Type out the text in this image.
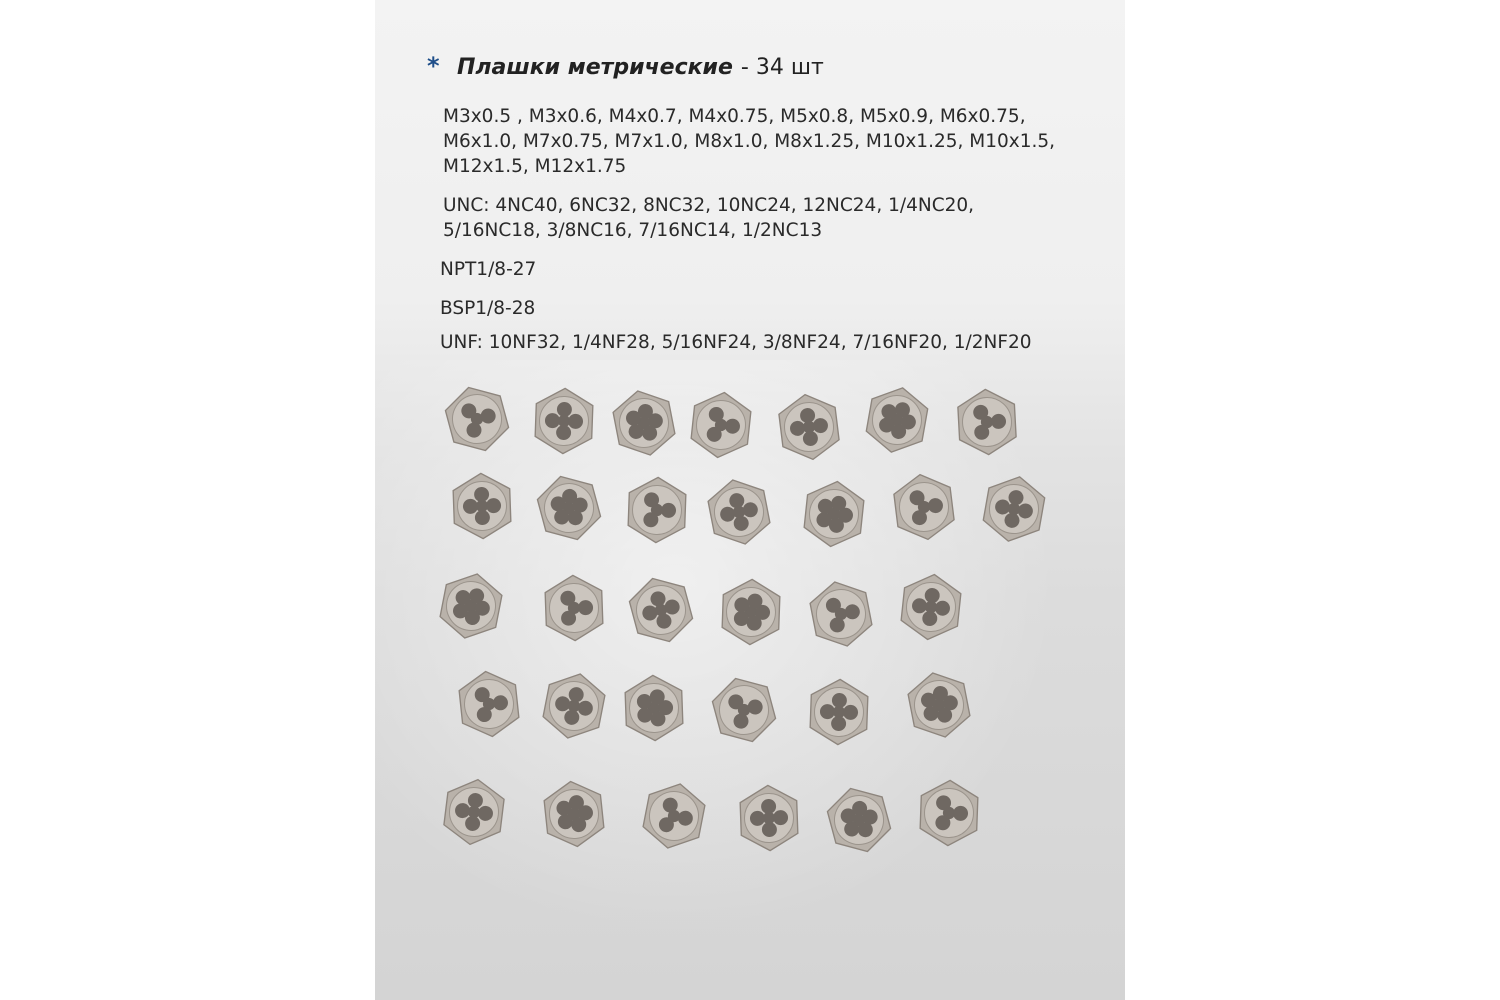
* Плашки метрические - 34 шт
M3x0.5 , M3x0.6, M4x0.7, M4x0.75, M5x0.8, M5x0.9, M6x0.75, M6x1.0, M7x0.75, M7x1.0, M8x1.0, M8x1.25, M10x1.25, M10x1.5, M12x1.5, M12x1.75
UNC: 4NC40, 6NC32, 8NC32, 10NC24, 12NC24, 1/4NC20, 5/16NC18, 3/8NC16, 7/16NC14, 1/2NC13
NPT1/8-27
BSP1/8-28
UNF: 10NF32, 1/4NF28, 5/16NF24, 3/8NF24, 7/16NF20, 1/2NF20
